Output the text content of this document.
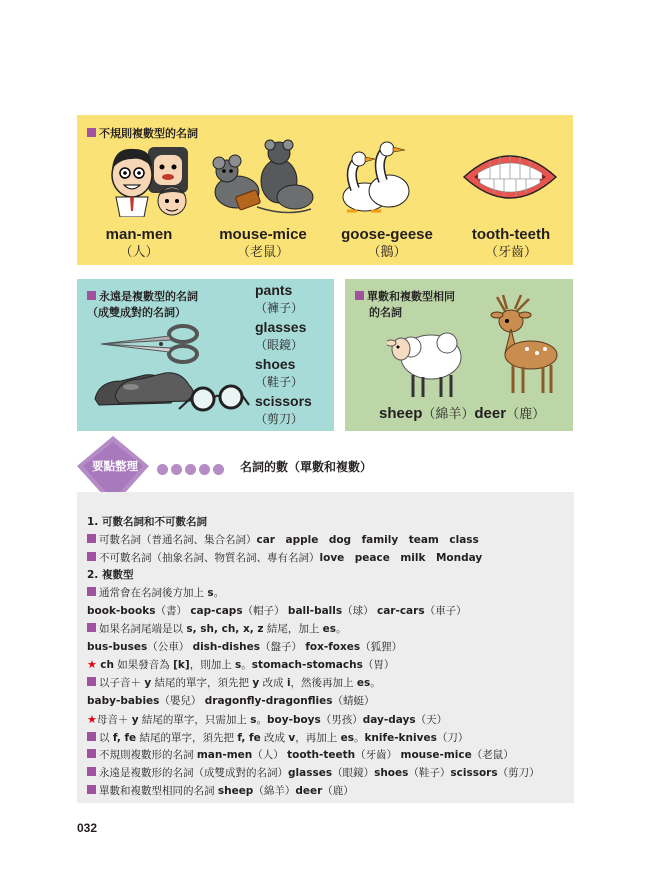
不規則複數型的名詞
man-men
（人）
mouse-mice
（老鼠）
goose-geese
（鵝）
tooth-teeth
（牙齒）
永遠是複數型的名詞
（成雙成對的名詞）
pants
（褲子）
glasses
（眼鏡）
shoes
（鞋子）
scissors
（剪刀）
單數和複數型相同
的名詞
sheep（綿羊）deer（鹿）
要點整理	名詞的數（單數和複數）
1. 可數名詞和不可數名詞
可數名詞（普通名詞、集合名詞）car　apple　dog　family　team　class
不可數名詞（抽象名詞、物質名詞、專有名詞）love　peace　milk　Monday
2. 複數型
通常會在名詞後方加上 s。
book-books（書） cap-caps（帽子） ball-balls（球） car-cars（車子）
如果名詞尾端是以 s, sh, ch, x, z 結尾，加上 es。
bus-buses（公車） dish-dishes（盤子） fox-foxes（狐狸）
★ ch 如果發音為 [k]，則加上 s。stomach-stomachs（胃）
以子音＋ y 結尾的單字，須先把 y 改成 i，然後再加上 es。
baby-babies（嬰兒） dragonfly-dragonflies（蜻蜓）
★母音＋ y 結尾的單字，只需加上 s。boy-boys（男孩）day-days（天）
以 f, fe 結尾的單字，須先把 f, fe 改成 v，再加上 es。knife-knives（刀）
不規則複數形的名詞 man-men（人） tooth-teeth（牙齒） mouse-mice（老鼠）
永遠是複數形的名詞（成雙成對的名詞）glasses（眼鏡）shoes（鞋子）scissors（剪刀）
單數和複數型相同的名詞 sheep（綿羊）deer（鹿）
032
